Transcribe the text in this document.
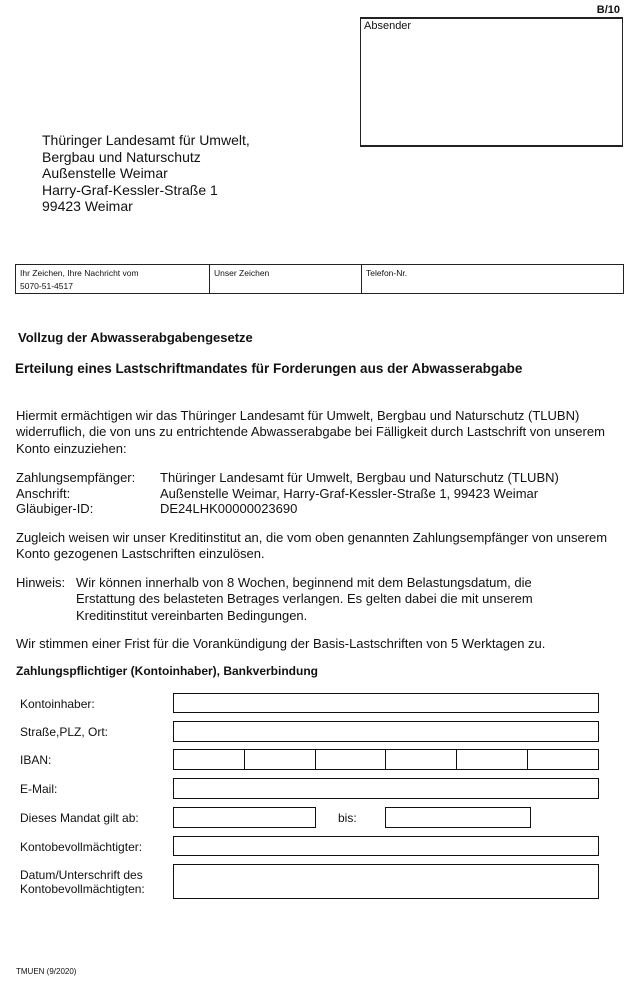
B/10
Absender
Thüringer Landesamt für Umwelt,
Bergbau und Naturschutz
Außenstelle Weimar
Harry-Graf-Kessler-Straße 1
99423 Weimar
Ihr Zeichen, Ihre Nachricht vom
5070-51-4517
Unser Zeichen	Telefon-Nr.
Vollzug der Abwasserabgabengesetze
Erteilung eines Lastschriftmandates für Forderungen aus der Abwasserabgabe
Hiermit ermächtigen wir das Thüringer Landesamt für Umwelt, Bergbau und Naturschutz (TLUBN) widerruflich, die von uns zu entrichtende Abwasserabgabe bei Fälligkeit durch Lastschrift von unserem Konto einzuziehen:
Zahlungsempfänger:	Thüringer Landesamt für Umwelt, Bergbau und Naturschutz (TLUBN)
Anschrift:	Außenstelle Weimar, Harry-Graf-Kessler-Straße 1, 99423 Weimar
Gläubiger-ID:	DE24LHK00000023690
Zugleich weisen wir unser Kreditinstitut an, die vom oben genannten Zahlungsempfänger von unserem Konto gezogenen Lastschriften einzulösen.
Hinweis: Wir können innerhalb von 8 Wochen, beginnend mit dem Belastungsdatum, die Erstattung des belasteten Betrages verlangen. Es gelten dabei die mit unserem Kreditinstitut vereinbarten Bedingungen.
Wir stimmen einer Frist für die Vorankündigung der Basis-Lastschriften von 5 Werktagen zu.
Zahlungspflichtiger (Kontoinhaber), Bankverbindung
Kontoinhaber:
Straße,PLZ, Ort:
IBAN:
E-Mail:
Dieses Mandat gilt ab:	bis:
Kontobevollmächtigter:
Datum/Unterschrift des
Kontobevollmächtigten:
TMUEN (9/2020)
